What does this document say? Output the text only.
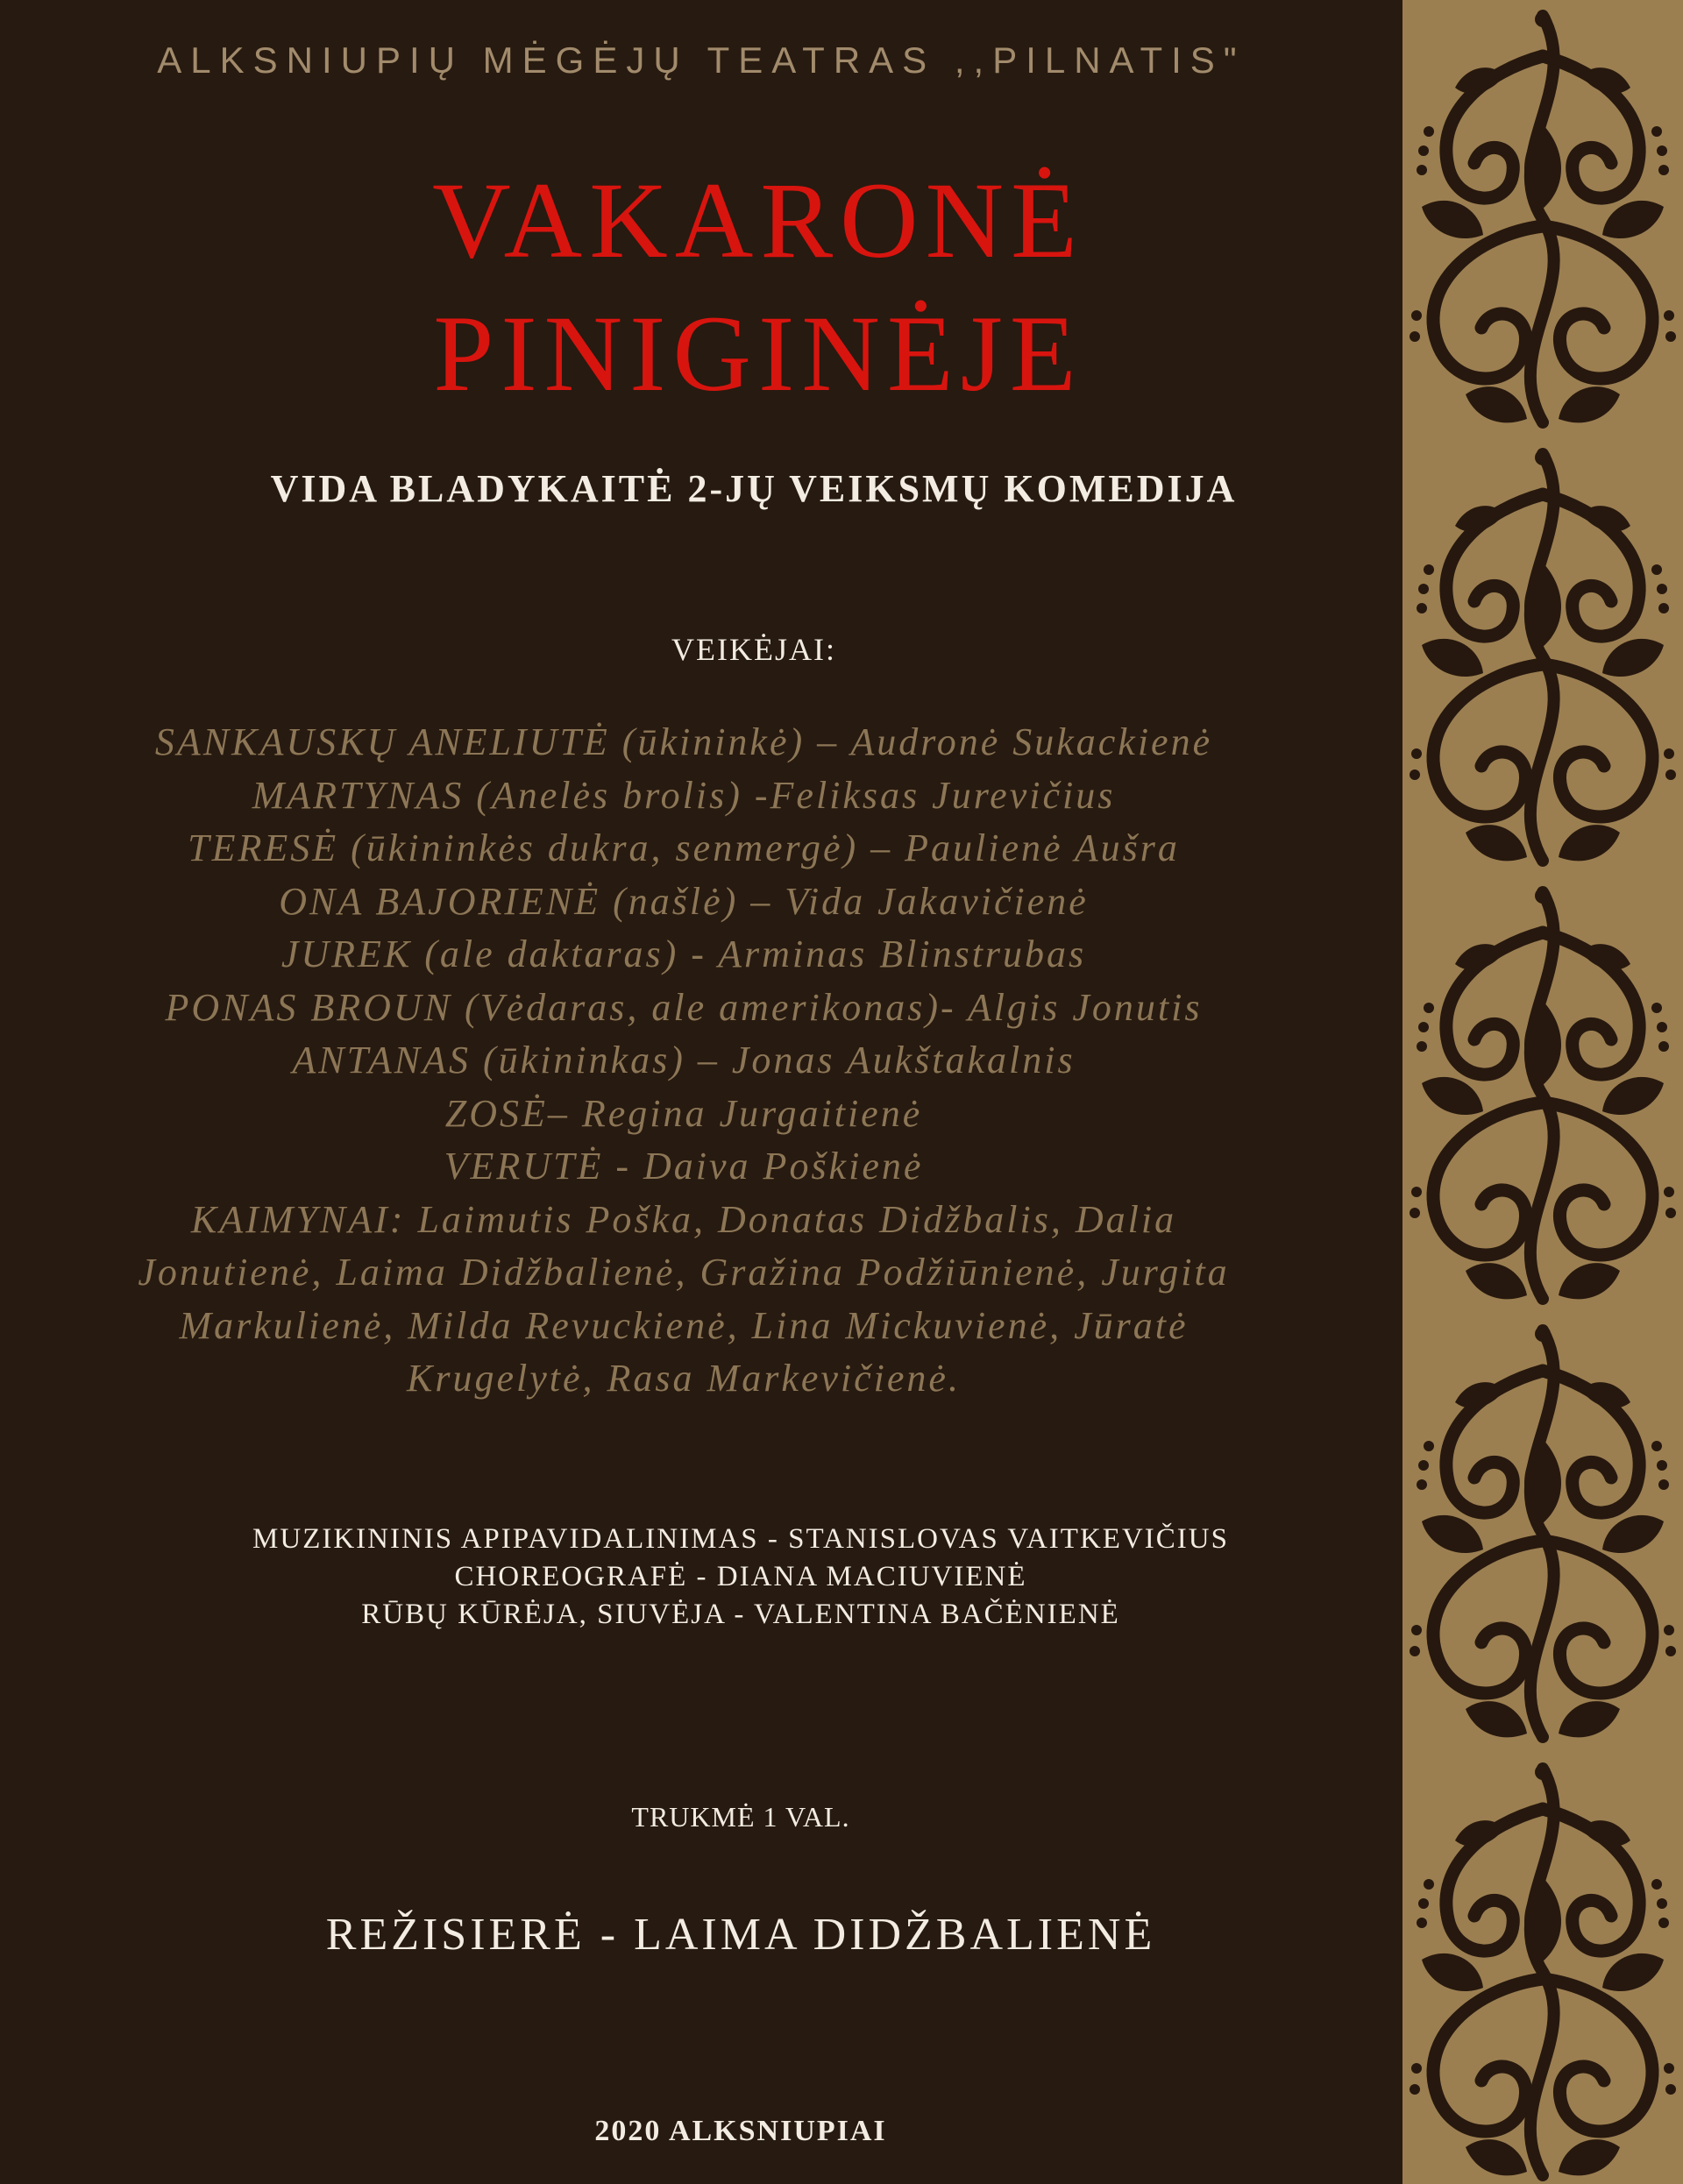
ALKSNIUPIŲ MĖGĖJŲ TEATRAS ,,PILNATIS"
VAKARONĖ
PINIGINĖJE
VIDA BLADYKAITĖ 2-JŲ VEIKSMŲ KOMEDIJA
VEIKĖJAI:
SANKAUSKŲ ANELIUTĖ (ūkininkė) – Audronė Sukackienė
MARTYNAS (Anelės brolis) -Feliksas Jurevičius
TERESĖ (ūkininkės dukra, senmergė) – Paulienė Aušra
ONA BAJORIENĖ (našlė) – Vida Jakavičienė
JUREK (ale daktaras) - Arminas Blinstrubas
PONAS BROUN (Vėdaras, ale amerikonas)- Algis Jonutis
ANTANAS (ūkininkas) – Jonas Aukštakalnis
ZOSĖ– Regina Jurgaitienė
VERUTĖ - Daiva Poškienė
KAIMYNAI: Laimutis Poška, Donatas Didžbalis, Dalia
Jonutienė, Laima Didžbalienė, Gražina Podžiūnienė, Jurgita
Markulienė, Milda Revuckienė, Lina Mickuvienė, Jūratė
Krugelytė, Rasa Markevičienė.
MUZIKININIS APIPAVIDALINIMAS - STANISLOVAS VAITKEVIČIUS
CHOREOGRAFĖ - DIANA MACIUVIENĖ
RŪBŲ KŪRĖJA, SIUVĖJA - VALENTINA BAČĖNIENĖ
TRUKMĖ 1 VAL.
REŽISIERĖ - LAIMA DIDŽBALIENĖ
2020 ALKSNIUPIAI
